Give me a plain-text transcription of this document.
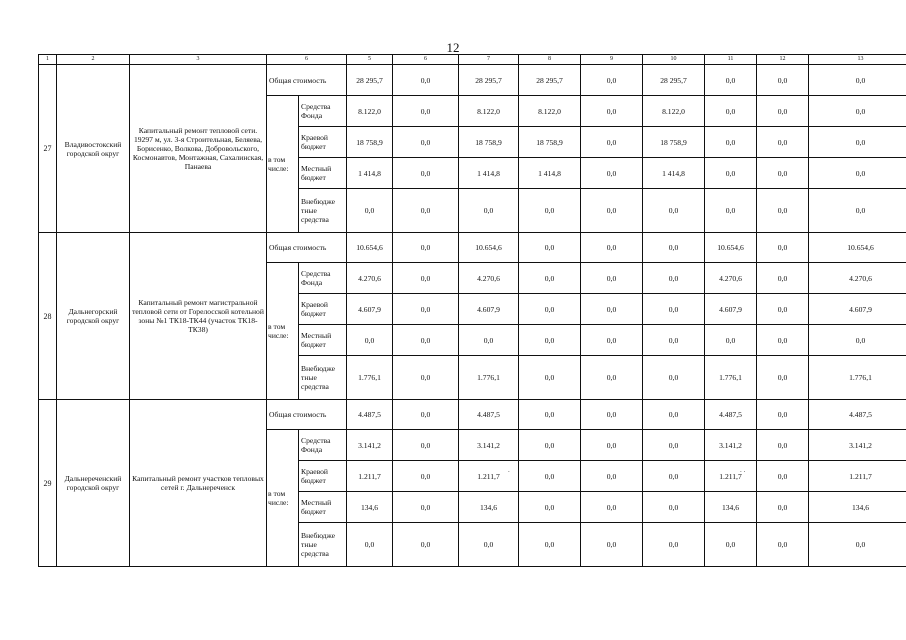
12
1	2	3	6		5	6	7	8	9	10	11	12	13
27	Владивостокский городской округ	Капитальный ремонт тепловой сети. 19297 м, ул. 3-я Строительная, Беляева, Борисенко, Волкова, Добровольского, Космонавтов, Монтажная, Сахалинская, Панаева	Общая стоимость		28 295,7	0,0	28 295,7	28 295,7	0,0	28 295,7	0,0	0,0	0,0
			в том числе:	Средства Фонда	8.122,0	0,0	8.122,0	8.122,0	0,0	8.122,0	0,0	0,0	0,0
				Краевой бюджет	18 758,9	0,0	18 758,9	18 758,9	0,0	18 758,9	0,0	0,0	0,0
				Местный бюджет	1 414,8	0,0	1 414,8	1 414,8	0,0	1 414,8	0,0	0,0	0,0
				Внебюдже тные средства	0,0	0,0	0,0	0,0	0,0	0,0	0,0	0,0	0,0
28	Дальнегорский городской округ	Капитальный ремонт магистральной тепловой сети от Горелосской котельной зоны №1 ТК18-ТК44 (участок ТК18-ТК38)	Общая стоимость		10.654,6	0,0	10.654,6	0,0	0,0	0,0	10.654,6	0,0	10.654,6
			в том числе:	Средства Фонда	4.270,6	0,0	4.270,6	0,0	0,0	0,0	4.270,6	0,0	4.270,6
				Краевой бюджет	4.607,9	0,0	4.607,9	0,0	0,0	0,0	4.607,9	0,0	4.607,9
				Местный бюджет	0,0	0,0	0,0	0,0	0,0	0,0	0,0	0,0	0,0
				Внебюдже тные средства	1.776,1	0,0	1.776,1	0,0	0,0	0,0	1.776,1	0,0	1.776,1
29	Дальнереченский городской округ	Капитальный ремонт участков тепловых сетей г. Дальнереченск	Общая стоимость		4.487,5	0,0	4.487,5	0,0	0,0	0,0	4.487,5	0,0	4.487,5
			в том числе:	Средства Фонда	3.141,2	0,0	3.141,2	0,0	0,0	0,0	3.141,2	0,0	3.141,2
				Краевой бюджет	1.211,7	0,0	1.211,7	0,0	0,0	0,0	1.211,7	0,0	1.211,7
				Местный бюджет	134,6	0,0	134,6	0,0	0,0	0,0	134,6	0,0	134,6
				Внебюдже тные средства	0,0	0,0	0,0	0,0	0,0	0,0	0,0	0,0	0,0
.	. .
